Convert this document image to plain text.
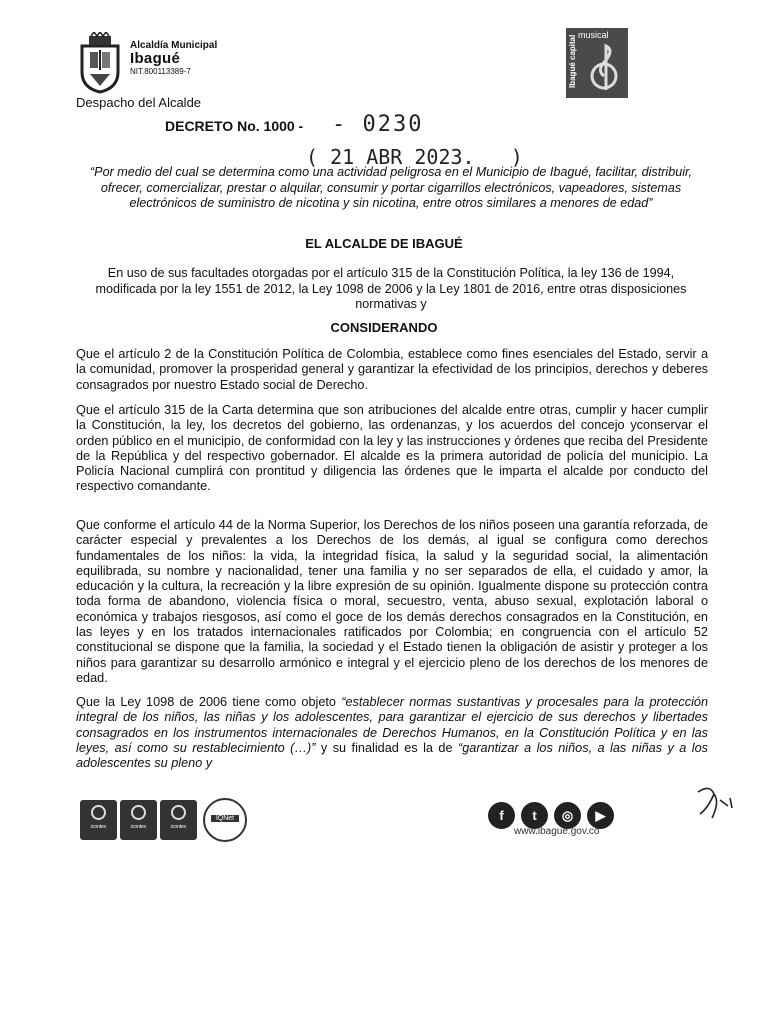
Alcaldía Municipal
Ibagué
NIT.800113389-7
Despacho del Alcalde
musical
Ibagué capital
DECRETO No. 1000 - - 0230
( 21 ABR 2023.   )
“Por medio del cual se determina como una actividad peligrosa en el Municipio de Ibagué, facilitar, distribuir, ofrecer, comercializar, prestar o alquilar, consumir y portar cigarrillos electrónicos, vapeadores, sistemas electrónicos de suministro de nicotina y sin nicotina, entre otros similares a menores de edad”
EL ALCALDE DE IBAGUÉ
En uso de sus facultades otorgadas por el artículo 315 de la Constitución Política, la ley 136 de 1994, modificada por la ley 1551 de 2012, la Ley 1098 de 2006 y la Ley 1801 de 2016, entre otras disposiciones normativas y
CONSIDERANDO
Que el artículo 2 de la Constitución Política de Colombia, establece como fines esenciales del Estado, servir a la comunidad, promover la prosperidad general y garantizar la efectividad de los principios, derechos y deberes consagrados por nuestro Estado social de Derecho.
Que el artículo 315 de la Carta determina que son atribuciones del alcalde entre otras, cumplir y hacer cumplir la Constitución, la ley, los decretos del gobierno, las ordenanzas, y los acuerdos del concejo yconservar el orden público en el municipio, de conformidad con la ley y las instrucciones y órdenes que reciba del Presidente de la República y del respectivo gobernador. El alcalde es la primera autoridad de policía del municipio. La Policía Nacional cumplirá con prontitud y diligencia las órdenes que le imparta el alcalde por conducto del respectivo comandante.
Que conforme el artículo 44 de la Norma Superior, los Derechos de los niños poseen una garantía reforzada, de carácter especial y prevalentes a los Derechos de los demás, al igual se configura como derechos fundamentales de los niños: la vida, la integridad física, la salud y la seguridad social, la alimentación equilibrada, su nombre y nacionalidad, tener una familia y no ser separados de ella, el cuidado y amor, la educación y la cultura, la recreación y la libre expresión de su opinión. Igualmente dispone su protección contra toda forma de abandono, violencia física o moral, secuestro, venta, abuso sexual, explotación laboral o económica y trabajos riesgosos, así como el goce de los demás derechos consagrados en la Constitución, en las leyes y en los tratados internacionales ratificados por Colombia; en congruencia con el artículo 52 constitucional se dispone que la familia, la sociedad y el Estado tienen la obligación de asistir y proteger a los niños para garantizar su desarrollo armónico e integral y el ejercicio pleno de los derechos de los menores de edad.
Que la Ley 1098 de 2006 tiene como objeto “establecer normas sustantivas y procesales para la protección integral de los niños, las niñas y los adolescentes, para garantizar el ejercicio de sus derechos y libertades consagrados en los instrumentos internacionales de Derechos Humanos, en la Constitución Política y en las leyes, así como su restablecimiento (…)” y su finalidad es la de “garantizar a los niños, a las niñas y a los adolescentes su pleno y
icontec	icontec	icontec
IQNet	f	t	◎	▶
www.ibagué.gov.co
